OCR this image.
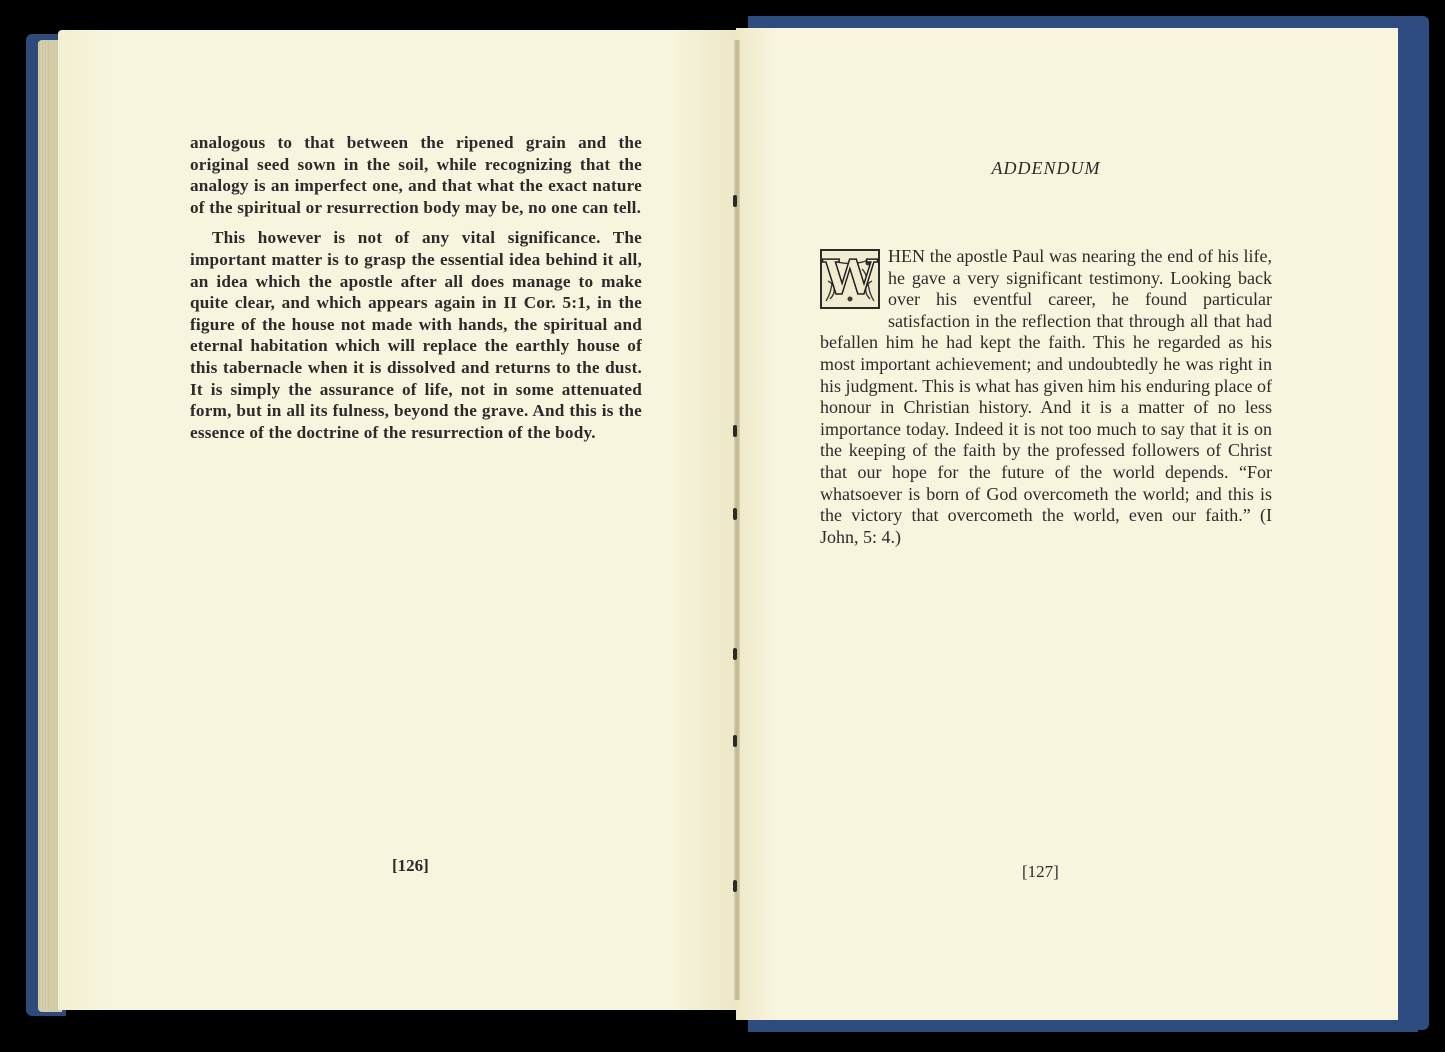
analogous to that between the ripened grain and the original seed sown in the soil, while recognizing that the analogy is an imperfect one, and that what the exact nature of the spiritual or resurrection body may be, no one can tell.

This however is not of any vital significance. The important matter is to grasp the essential idea behind it all, an idea which the apostle after all does manage to make quite clear, and which appears again in II Cor. 5:1, in the figure of the house not made with hands, the spiritual and eternal habitation which will replace the earthly house of this tabernacle when it is dissolved and returns to the dust. It is simply the assurance of life, not in some attenuated form, but in all its fulness, beyond the grave. And this is the essence of the doctrine of the resurrection of the body.

[126]
ADDENDUM
W HEN the apostle Paul was nearing the end of his life, he gave a very significant testimony. Looking back over his eventful career, he found particular satisfaction in the reflection that through all that had befallen him he had kept the faith. This he regarded as his most important achievement; and undoubtedly he was right in his judgment. This is what has given him his enduring place of honour in Christian history. And it is a matter of no less importance today. Indeed it is not too much to say that it is on the keeping of the faith by the professed followers of Christ that our hope for the future of the world depends. “For whatsoever is born of God overcometh the world; and this is the victory that overcometh the world, even our faith.” (I John, 5: 4.)
[127]
